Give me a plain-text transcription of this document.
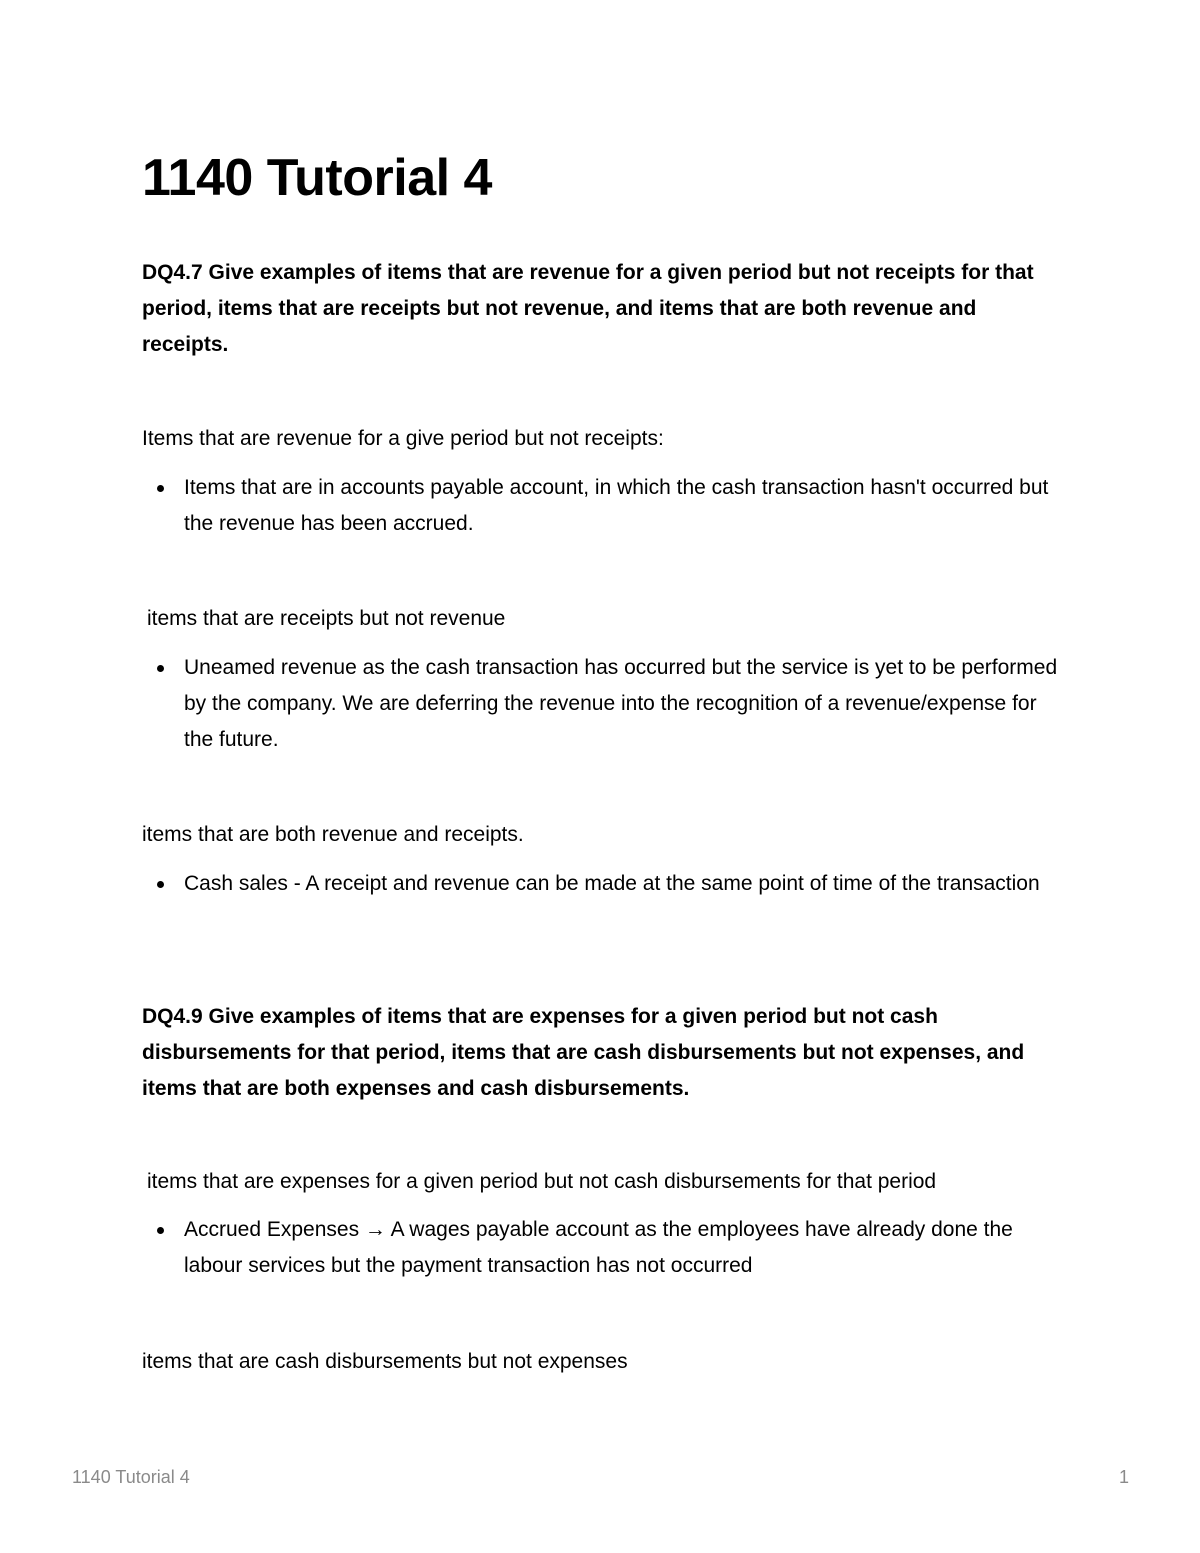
1140 Tutorial 4

DQ4.7 Give examples of items that are revenue for a given period but not receipts for that period, items that are receipts but not revenue, and items that are both revenue and receipts.

Items that are revenue for a give period but not receipts:

Items that are in accounts payable account, in which the cash transaction hasn't occurred but the revenue has been accrued.

items that are receipts but not revenue

Uneamed revenue as the cash transaction has occurred but the service is yet to be performed by the company. We are deferring the revenue into the recognition of a revenue/expense for the future.

items that are both revenue and receipts.

Cash sales - A receipt and revenue can be made at the same point of time of the transaction

DQ4.9 Give examples of items that are expenses for a given period but not cash disbursements for that period, items that are cash disbursements but not expenses, and items that are both expenses and cash disbursements.

items that are expenses for a given period but not cash disbursements for that period

Accrued Expenses → A wages payable account as the employees have already done the labour services but the payment transaction has not occurred

items that are cash disbursements but not expenses

1140 Tutorial 4	1
